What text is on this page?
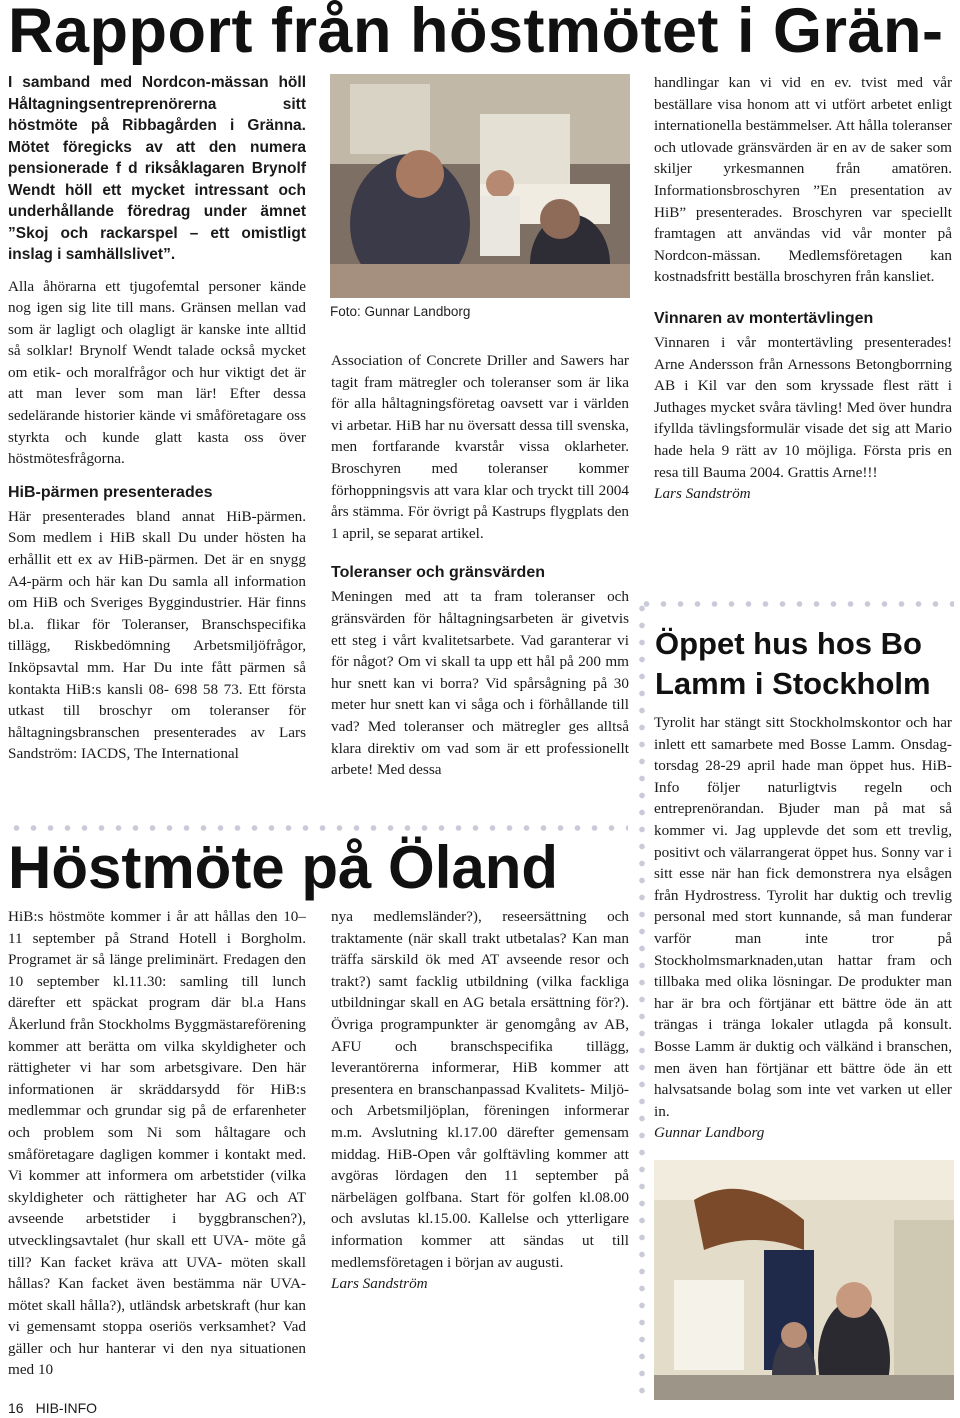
Rapport från höstmötet i Grän-

I samband med Nordcon-mässan höll Håltagningsentreprenörerna sitt höstmöte på Ribbagården i Gränna. Mötet föregicks av att den numera pensionerade f d riksåklagaren Brynolf Wendt höll ett mycket intressant och underhållande föredrag under ämnet ”Skoj och rackarspel – ett omistligt inslag i samhällslivet”.

Alla åhörarna ett tjugofemtal personer kände nog igen sig lite till mans. Gränsen mellan vad som är lagligt och olagligt är kanske inte alltid så solklar! Brynolf Wendt talade också mycket om etik- och moralfrågor och hur viktigt det är att man lever som man lär! Efter dessa sedelärande historier kände vi småföretagare oss styrkta och kunde glatt kasta oss över höstmötesfrågorna.

HiB-pärmen presenterades

Här presenterades bland annat HiB-pärmen. Som medlem i HiB skall Du under hösten ha erhållit ett ex av HiB-pärmen. Det är en snygg A4-pärm och här kan Du samla all information om HiB och Sveriges Byggindustrier. Här finns bl.a. flikar för Toleranser, Branschspecifika tillägg, Riskbedömning Arbetsmiljöfrågor, Inköpsavtal mm. Har Du inte fått pärmen så kontakta HiB:s kansli 08- 698 58 73. Ett första utkast till broschyr om toleranser för håltagningsbranschen presenterades av Lars Sandström: IACDS, The International

Foto: Gunnar Landborg

Association of Concrete Driller and Sawers har tagit fram mätregler och toleranser som är lika för alla håltagningsföretag oavsett var i världen vi arbetar. HiB har nu översatt dessa till svenska, men fortfarande kvarstår vissa oklarheter. Broschyren med toleranser kommer förhoppningsvis att vara klar och tryckt till 2004 års stämma. För övrigt på Kastrups flygplats den 1 april, se separat artikel.

Toleranser och gränsvärden

Meningen med att ta fram toleranser och gränsvärden för håltagningsarbeten är givetvis ett steg i vårt kvalitetsarbete. Vad garanterar vi för något? Om vi skall ta upp ett hål på 200 mm hur snett kan vi borra? Vid spårsågning på 30 meter hur snett kan vi såga och i förhållande till vad? Med toleranser och mätregler ges alltså klara direktiv om vad som är ett professionellt arbete! Med dessa

handlingar kan vi vid en ev. tvist med vår beställare visa honom att vi utfört arbetet enligt internationella bestämmelser. Att hålla toleranser och utlovade gränsvärden är en av de saker som skiljer yrkesmannen från amatören. Informationsbroschyren ”En presentation av HiB” presenterades. Broschyren var speciellt framtagen att användas vid vår monter på Nordcon-mässan. Medlemsföretagen kan kostnadsfritt beställa broschyren från kansliet.

Vinnaren av montertävlingen

Vinnaren i vår montertävling presenterades! Arne Andersson från Arnessons Betongborrning AB i Kil var den som kryssade flest rätt i Juthages mycket svåra tävling! Med över hundra ifyllda tävlingsformulär visade det sig att Mario hade hela 9 rätt av 10 möjliga. Första pris en resa till Bauma 2004. Grattis Arne!!!

Lars Sandström

Höstmöte på Öland

HiB:s höstmöte kommer i år att hållas den 10–11 september på Strand Hotell i Borgholm. Programet är så länge preliminärt. Fredagen den 10 september kl.11.30: samling till lunch därefter ett späckat program där bl.a Hans Åkerlund från Stockholms Byggmästareförening kommer att berätta om vilka skyldigheter och rättigheter vi har som arbetsgivare. Den här informationen är skräddarsydd för HiB:s medlemmar och grundar sig på de erfarenheter och problem som Ni som håltagare och småföretagare dagligen kommer i kontakt med. Vi kommer att informera om arbetstider (vilka skyldigheter och rättigheter har AG och AT avseende arbetstider i byggbranschen?), utvecklingsavtalet (hur skall ett UVA- möte gå till? Kan facket kräva att UVA- möten skall hållas? Kan facket även bestämma när UVA- mötet skall hålla?), utländsk arbetskraft (hur kan vi gemensamt stoppa oseriös verksamhet? Vad gäller och hur hanterar vi den nya situationen med 10

nya medlemsländer?), reseersättning och traktamente (när skall trakt utbetalas? Kan man träffa särskild ök med AT avseende resor och trakt?) samt facklig utbildning (vilka fackliga utbildningar skall en AG betala ersättning för?). Övriga programpunkter är genomgång av AB, AFU och branschspecifika tillägg, leverantörerna informerar, HiB kommer att presentera en branschanpassad Kvalitets- Miljö- och Arbetsmiljöplan, föreningen informerar m.m. Avslutning kl.17.00 därefter gemensam middag. HiB-Open vår golftävling kommer att avgöras lördagen den 11 september på närbelägen golfbana. Start för golfen kl.08.00 och avslutas kl.15.00. Kallelse och ytterligare information kommer att sändas ut till medlemsföretagen i början av augusti.

Lars Sandström

Öppet hus hos Bo Lamm i Stockholm

Tyrolit har stängt sitt Stockholmskontor och har inlett ett samarbete med Bosse Lamm. Onsdag-torsdag 28-29 april hade man öppet hus. HiB-Info följer naturligtvis regeln och entreprenörandan. Bjuder man på mat så kommer vi. Jag upplevde det som ett trevlig, positivt och välarrangerat öppet hus. Sonny var i sitt esse när han fick demonstrera nya elsågen från Hydrostress. Tyrolit har duktig och trevlig personal med stort kunnande, så man funderar varför man inte tror på Stockholmsmarknaden,utan hattar fram och tillbaka med olika lösningar. De produkter man har är bra och förtjänar ett bättre öde än att trängas i tränga lokaler utlagda på konsult. Bosse Lamm är duktig och välkänd i branschen, men även han förtjänar ett bättre öde än ett halvsatsande bolag som inte vet varken ut eller in.

Gunnar Landborg

16 HIB-INFO
